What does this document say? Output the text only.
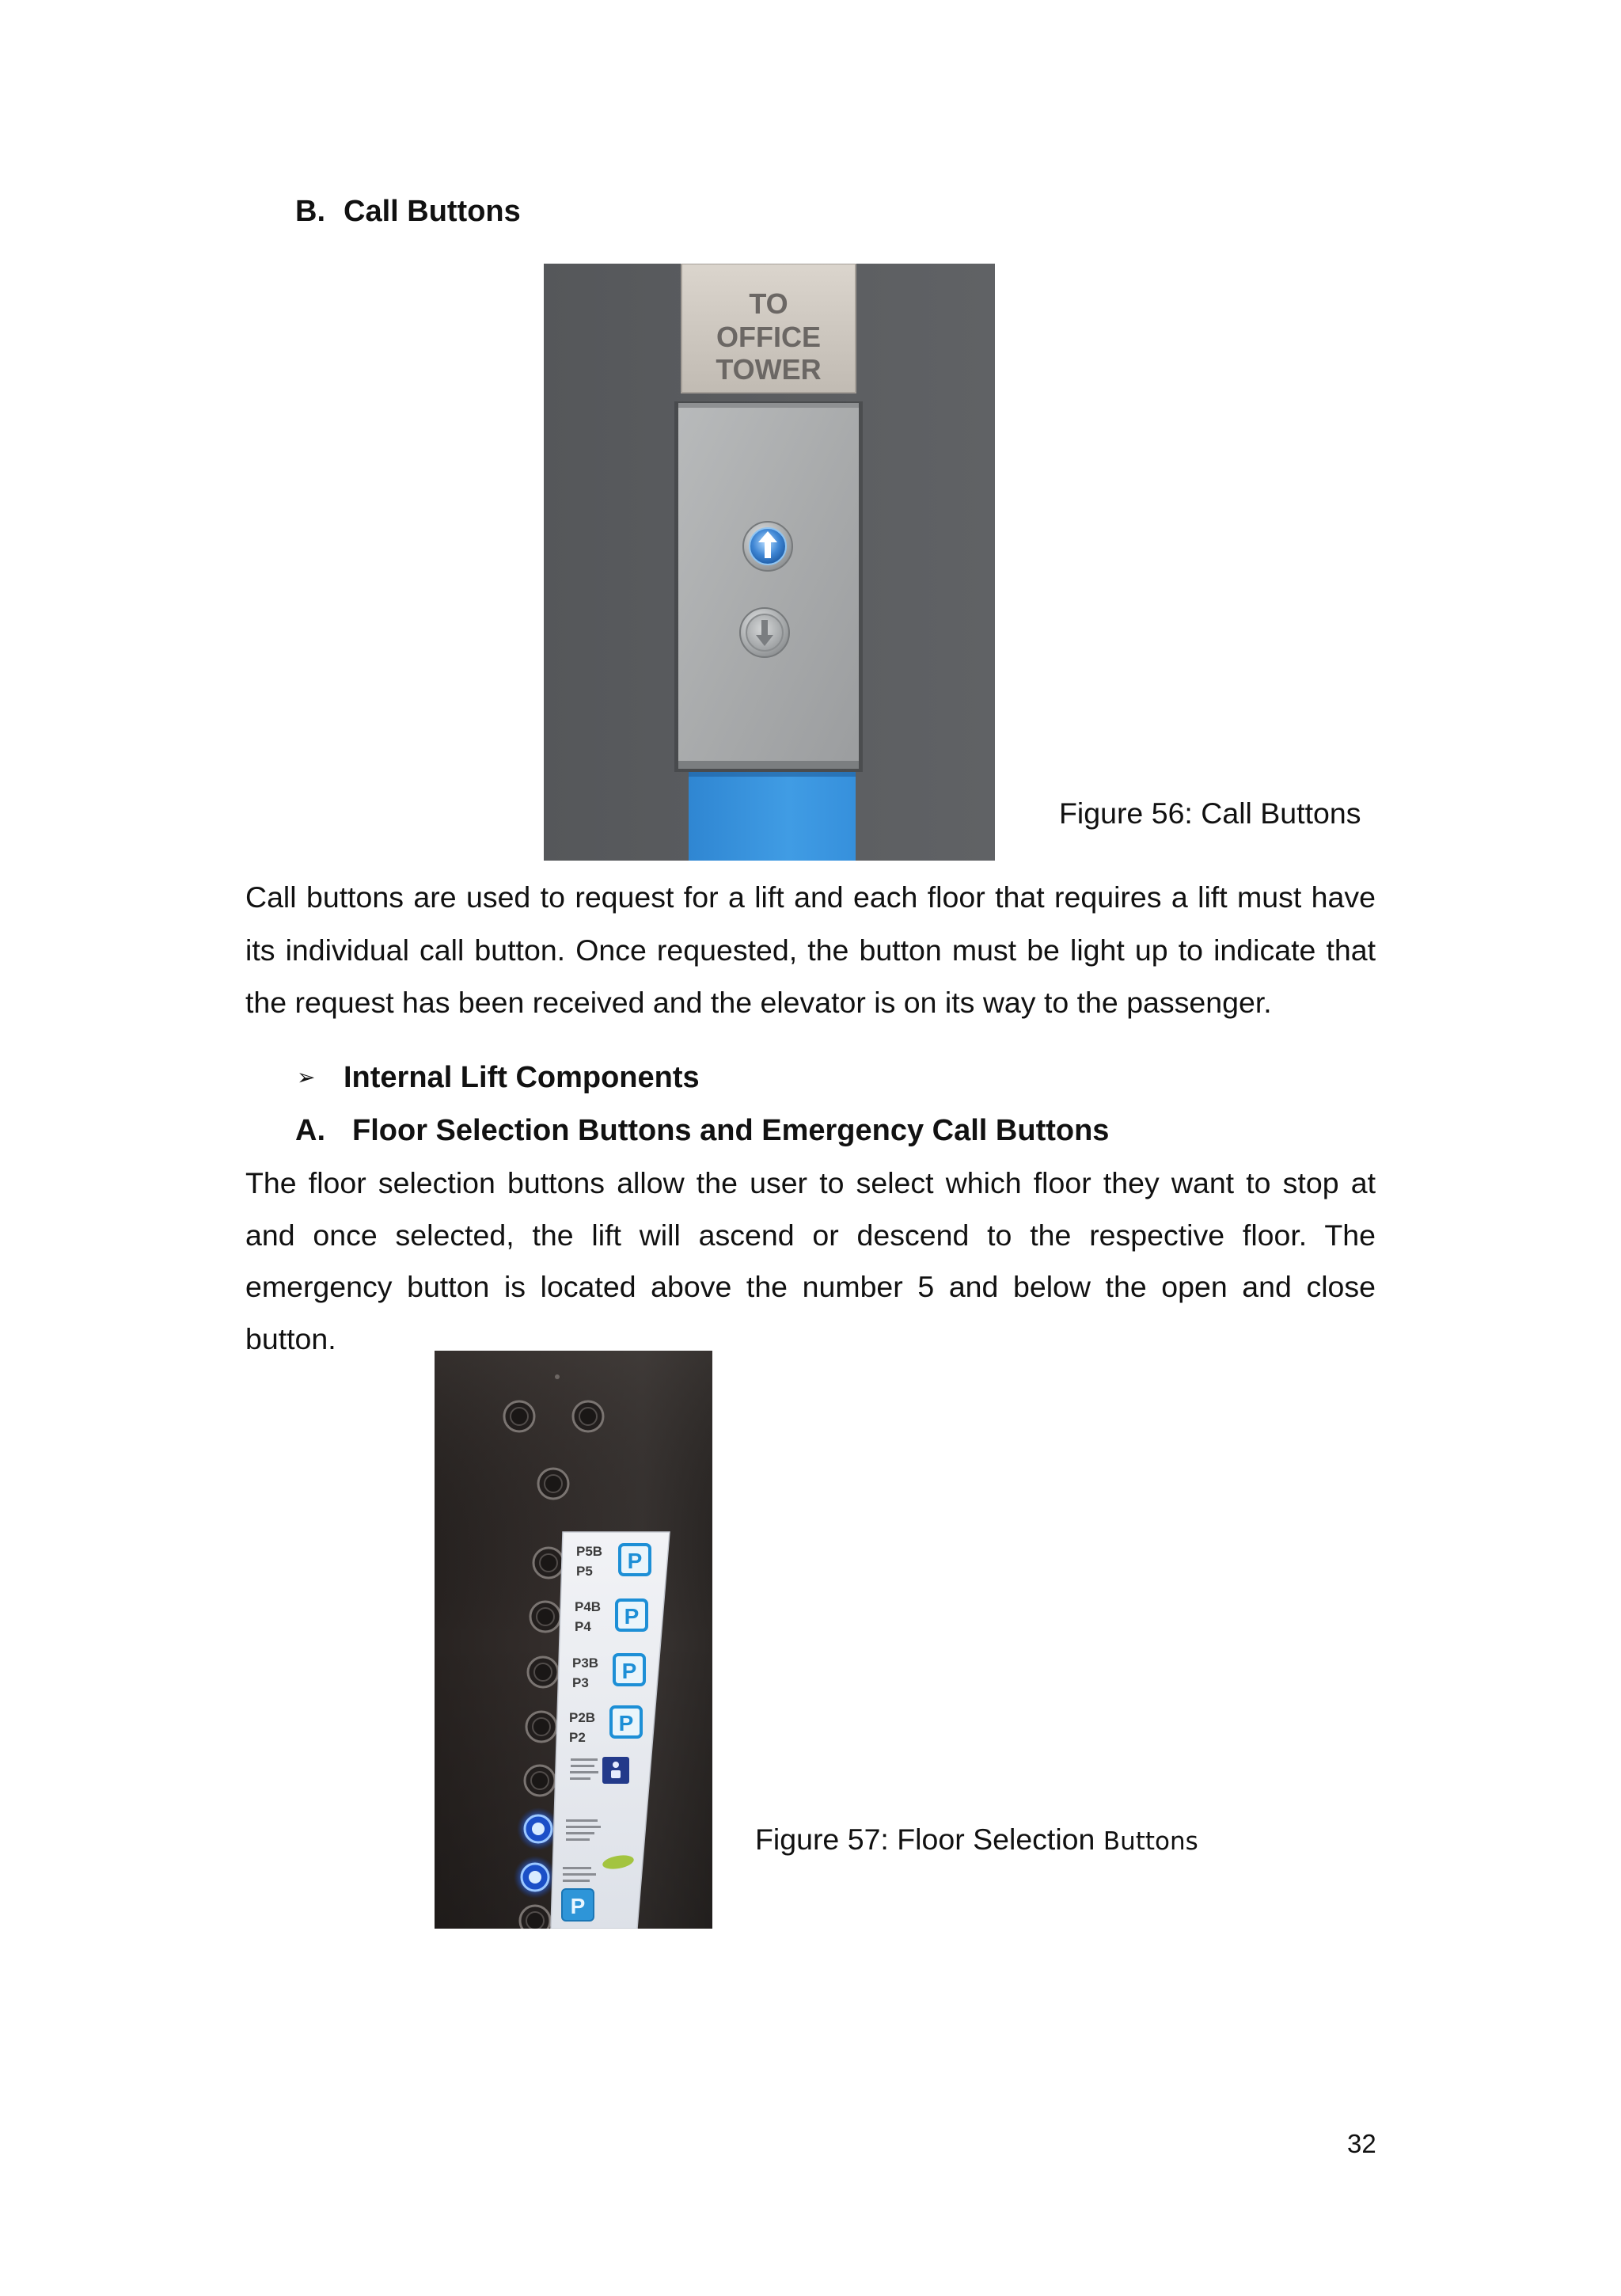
B. Call Buttons
TO
OFFICE
TOWER
Figure 56: Call Buttons
Call buttons are used to request for a lift and each floor that requires a lift must have
its individual call button. Once requested, the button must be light up to indicate that
the request has been received and the elevator is on its way to the passenger.
➢ Internal Lift Components
A. Floor Selection Buttons and Emergency Call Buttons
The floor selection buttons allow the user to select which floor they want to stop at
and once selected, the lift will ascend or descend to the respective floor. The
emergency button is located above the number 5 and below the open and close
button.
P5B
P5
P4B
P4
P3B
P3
P2B
P2
P
P
P
P
P
Figure 57: Floor Selection Buttons
32
